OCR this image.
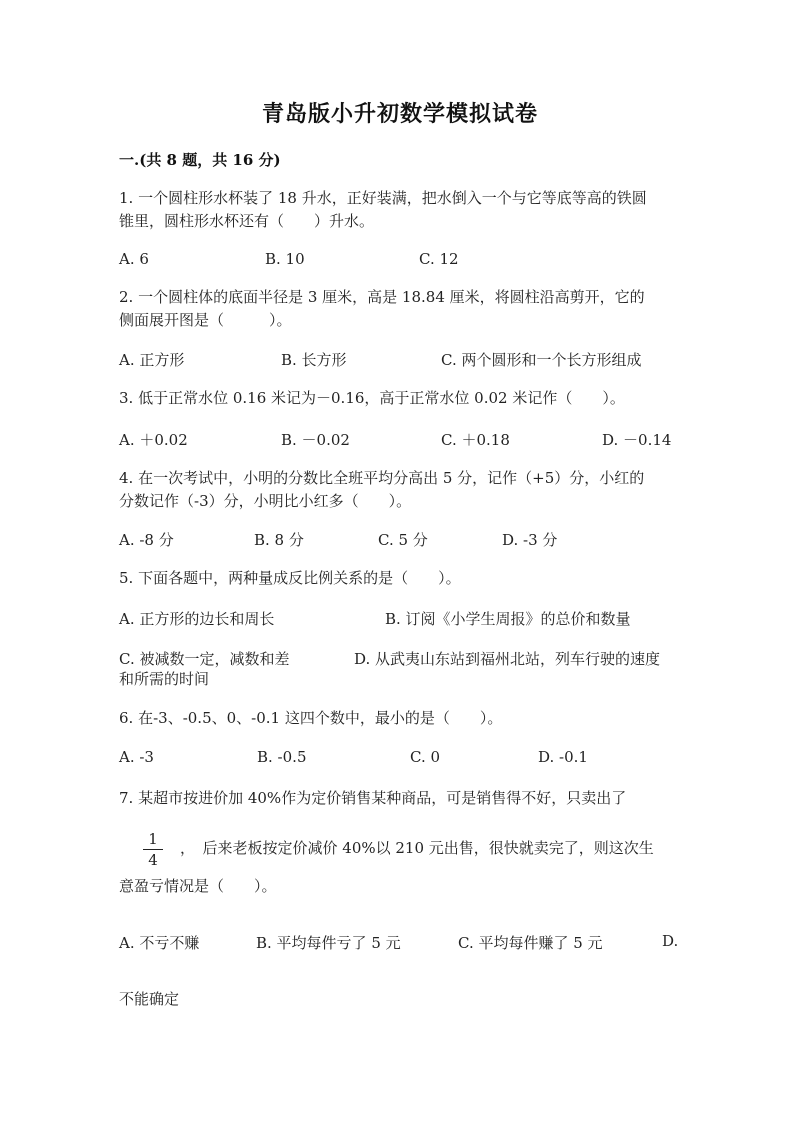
青岛版小升初数学模拟试卷
一.(共 8 题，共 16 分)
1. 一个圆柱形水杯装了 18 升水，正好装满，把水倒入一个与它等底等高的铁圆
锥里，圆柱形水杯还有（　　）升水。
A. 6	B. 10	C. 12
2. 一个圆柱体的底面半径是 3 厘米，高是 18.84 厘米，将圆柱沿高剪开，它的
侧面展开图是（　　　）。
A. 正方形	B. 长方形	C. 两个圆形和一个长方形组成
3. 低于正常水位 0.16 米记为－0.16，高于正常水位 0.02 米记作（　　）。
A. ＋0.02	B. －0.02	C. ＋0.18	D. －0.14
4. 在一次考试中，小明的分数比全班平均分高出 5 分，记作（+5）分，小红的
分数记作（-3）分，小明比小红多（　　）。
A. -8 分	B. 8 分	C. 5 分	D. -3 分
5. 下面各题中，两种量成反比例关系的是（　　）。
A. 正方形的边长和周长	B. 订阅《小学生周报》的总价和数量
C. 被减数一定，减数和差	D. 从武夷山东站到福州北站，列车行驶的速度
和所需的时间
6. 在-3、-0.5、0、-0.1 这四个数中，最小的是（　　）。
A. -3	B. -0.5	C. 0	D. -0.1
7. 某超市按进价加 40%作为定价销售某种商品，可是销售得不好，只卖出了
1
4
，　后来老板按定价减价 40%以 210 元出售，很快就卖完了，则这次生
意盈亏情况是（　　）。
A. 不亏不赚	B. 平均每件亏了 5 元	C. 平均每件赚了 5 元	D.
不能确定
